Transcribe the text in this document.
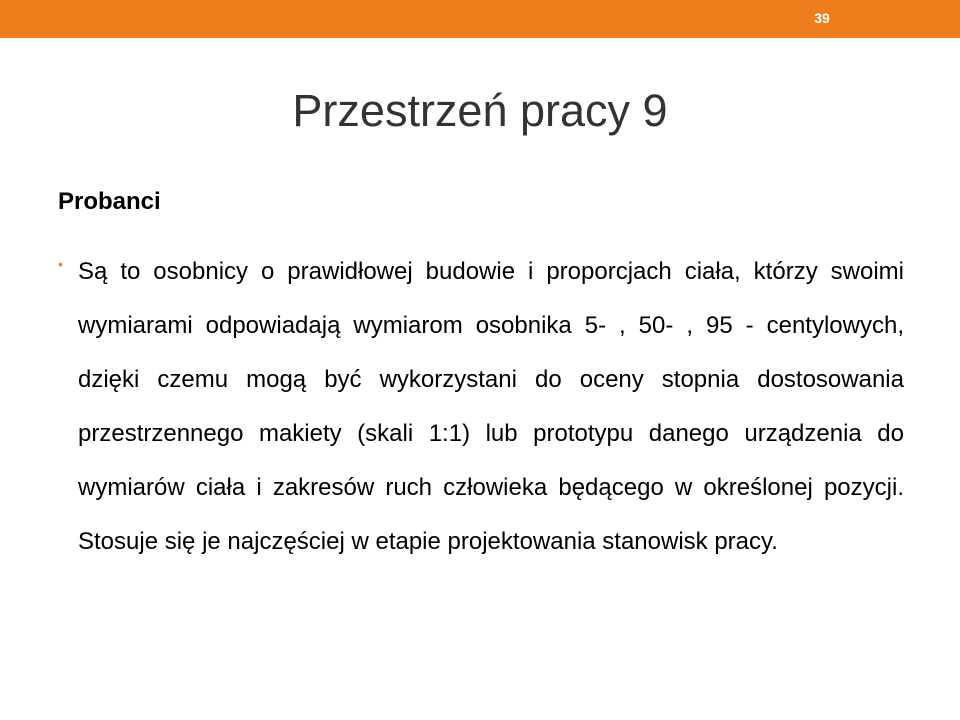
39
Przestrzeń pracy 9
Probanci
• Są to osobnicy o prawidłowej budowie i proporcjach ciała, którzy swoimi wymiarami odpowiadają wymiarom osobnika 5- , 50- , 95 - centylowych, dzięki czemu mogą być wykorzystani do oceny stopnia dostosowania przestrzennego makiety (skali 1:1) lub prototypu danego urządzenia do wymiarów ciała i zakresów ruch człowieka będącego w określonej pozycji. Stosuje się je najczęściej w etapie projektowania stanowisk pracy.
